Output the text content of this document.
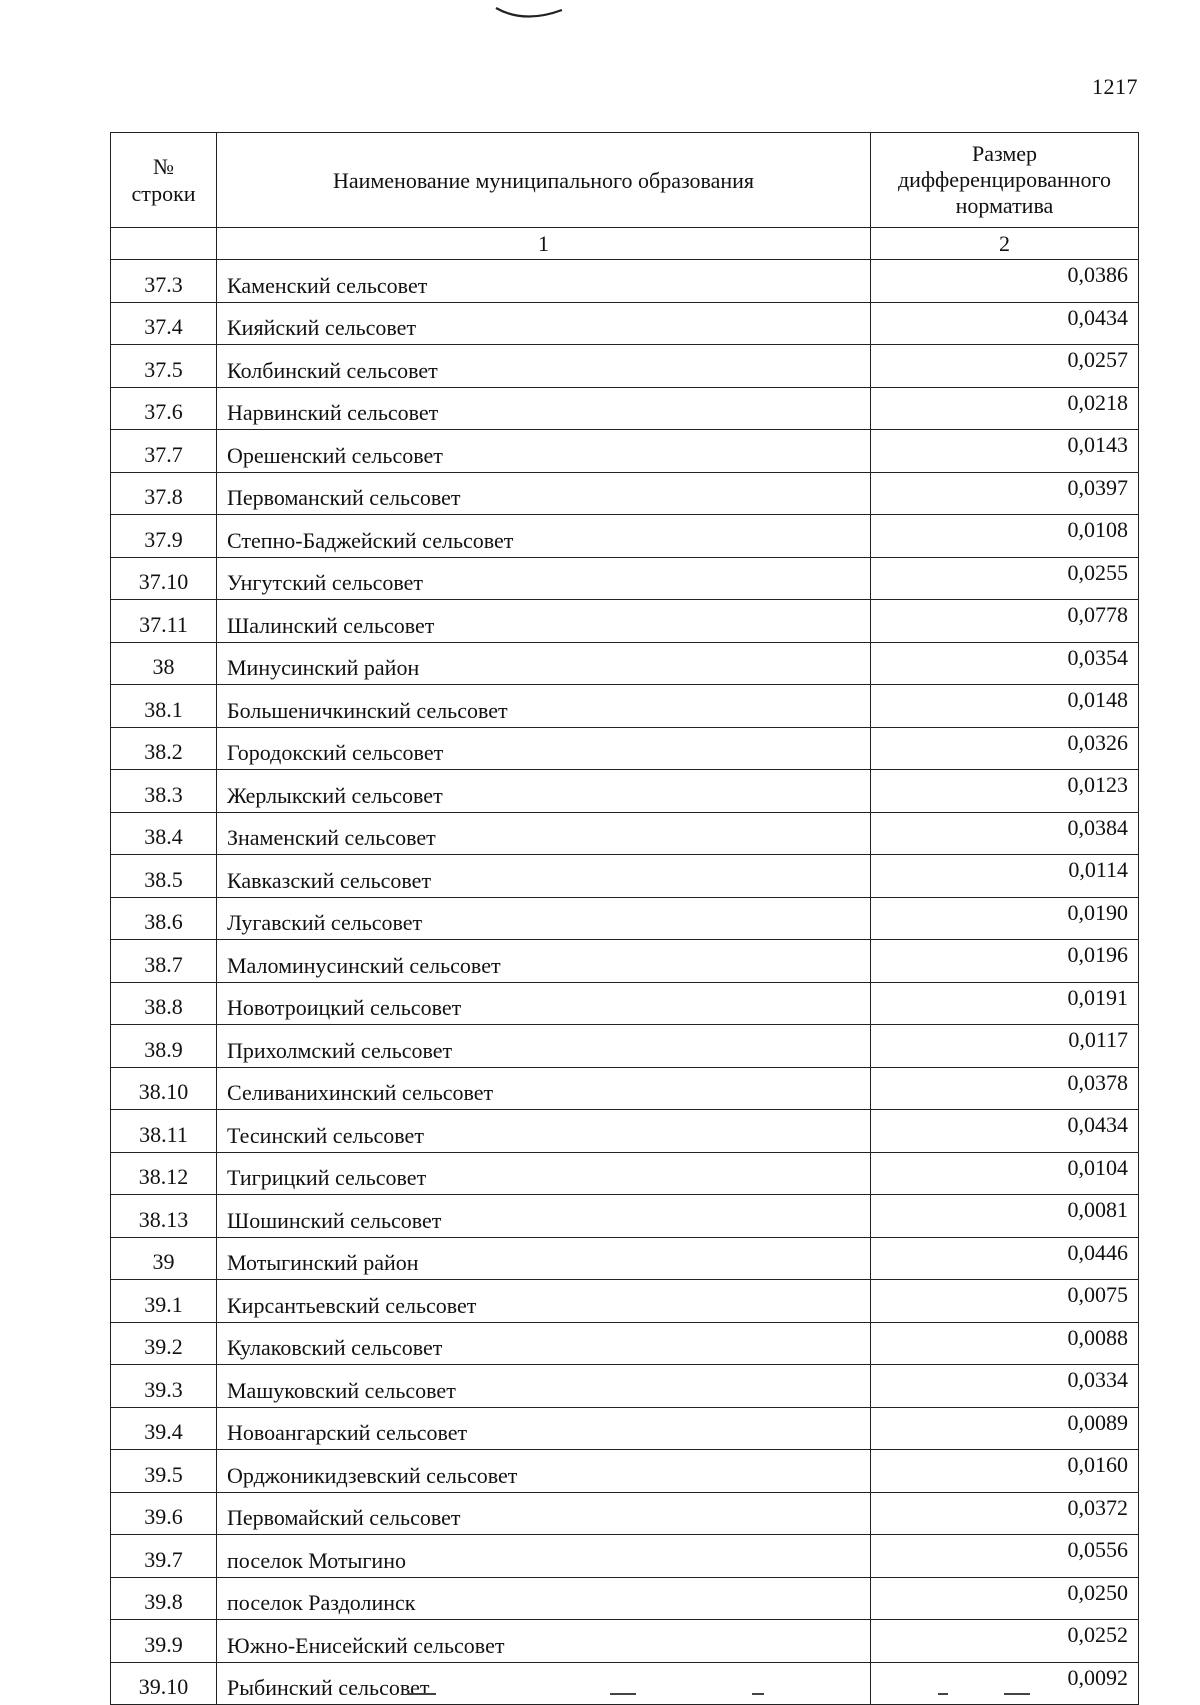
1217
№
строки	Наименование муниципального образования	Размер
дифференцированного
норматива
	1	2
37.3	Каменский сельсовет	0,0386
37.4	Кияйский сельсовет	0,0434
37.5	Колбинский сельсовет	0,0257
37.6	Нарвинский сельсовет	0,0218
37.7	Орешенский сельсовет	0,0143
37.8	Первоманский сельсовет	0,0397
37.9	Степно-Баджейский сельсовет	0,0108
37.10	Унгутский сельсовет	0,0255
37.11	Шалинский сельсовет	0,0778
38	Минусинский район	0,0354
38.1	Большеничкинский сельсовет	0,0148
38.2	Городокский сельсовет	0,0326
38.3	Жерлыкский сельсовет	0,0123
38.4	Знаменский сельсовет	0,0384
38.5	Кавказский сельсовет	0,0114
38.6	Лугавский сельсовет	0,0190
38.7	Маломинусинский сельсовет	0,0196
38.8	Новотроицкий сельсовет	0,0191
38.9	Прихолмский сельсовет	0,0117
38.10	Селиванихинский сельсовет	0,0378
38.11	Тесинский сельсовет	0,0434
38.12	Тигрицкий сельсовет	0,0104
38.13	Шошинский сельсовет	0,0081
39	Мотыгинский район	0,0446
39.1	Кирсантьевский сельсовет	0,0075
39.2	Кулаковский сельсовет	0,0088
39.3	Машуковский сельсовет	0,0334
39.4	Новоангарский сельсовет	0,0089
39.5	Орджоникидзевский сельсовет	0,0160
39.6	Первомайский сельсовет	0,0372
39.7	поселок Мотыгино	0,0556
39.8	поселок Раздолинск	0,0250
39.9	Южно-Енисейский сельсовет	0,0252
39.10	Рыбинский сельсовет	0,0092
